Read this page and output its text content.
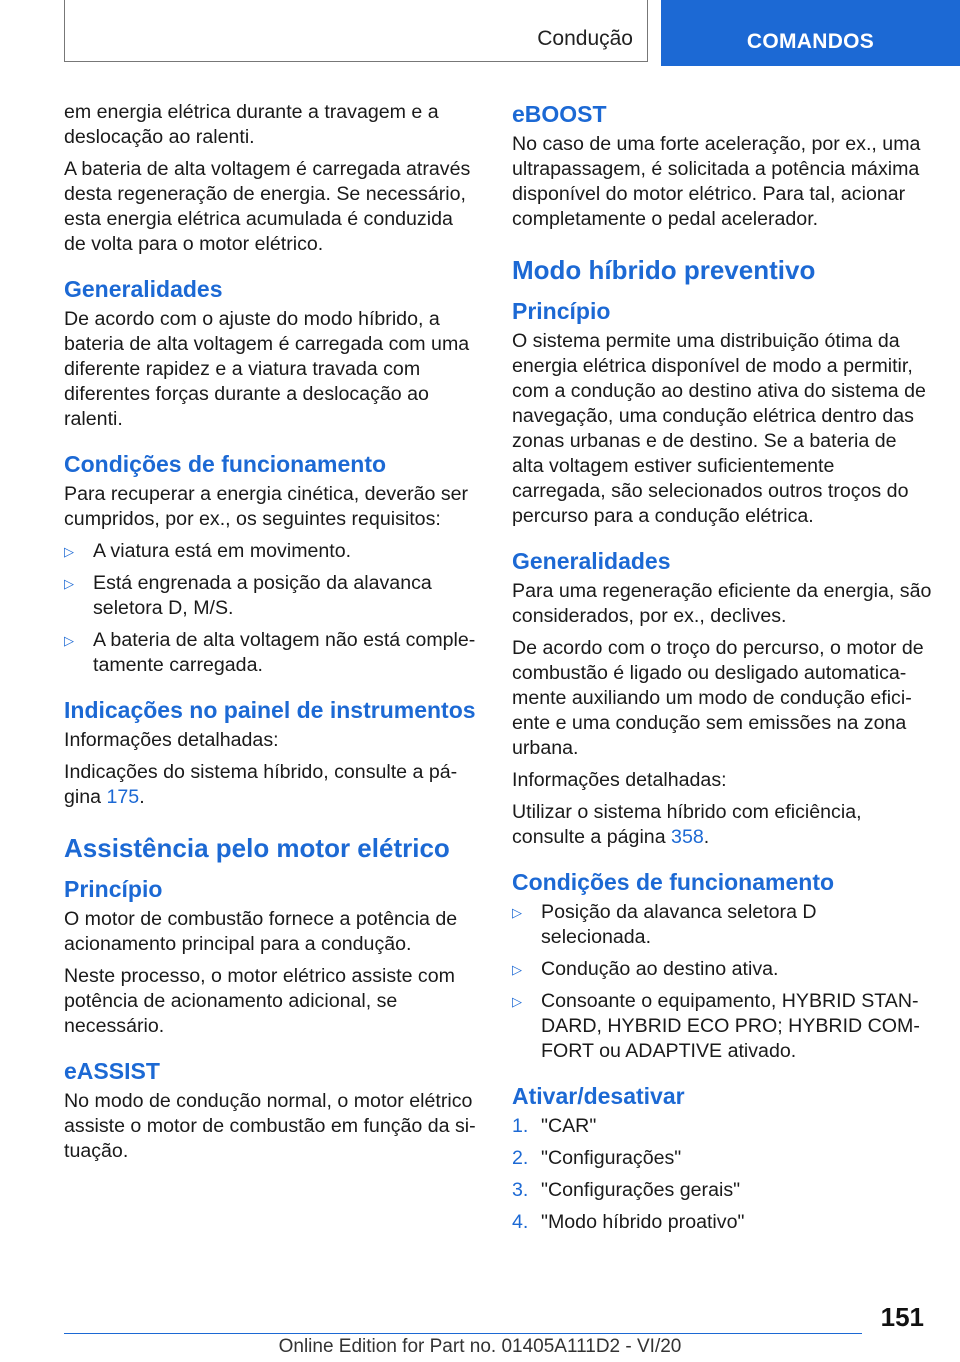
Condução	COMANDOS

em energia elétrica durante a travagem e a deslocação ao ralenti.

A bateria de alta voltagem é carregada através desta regeneração de energia. Se necessário, esta energia elétrica acumulada é conduzida de volta para o motor elétrico.

Generalidades

De acordo com o ajuste do modo híbrido, a bateria de alta voltagem é carregada com uma diferente rapidez e a viatura travada com diferentes forças durante a deslocação ao ralenti.

Condições de funcionamento

Para recuperar a energia cinética, deverão ser cumpridos, por ex., os seguintes requisitos:

▷ A viatura está em movimento.
▷ Está engrenada a posição da alavanca seletora D, M/S.
▷ A bateria de alta voltagem não está completamente carregada.
Indicações no painel de instrumentos

Informações detalhadas:

Indicações do sistema híbrido, consulte a página 175.

Assistência pelo motor elétrico
Princípio

O motor de combustão fornece a potência de acionamento principal para a condução.

Neste processo, o motor elétrico assiste com potência de acionamento adicional, se necessário.

eASSIST

No modo de condução normal, o motor elétrico assiste o motor de combustão em função da situação.

eBOOST

No caso de uma forte aceleração, por ex., uma ultrapassagem, é solicitada a potência máxima disponível do motor elétrico. Para tal, acionar completamente o pedal acelerador.

Modo híbrido preventivo
Princípio

O sistema permite uma distribuição ótima da energia elétrica disponível de modo a permitir, com a condução ao destino ativa do sistema de navegação, uma condução elétrica dentro das zonas urbanas e de destino. Se a bateria de alta voltagem estiver suficientemente carregada, são selecionados outros troços do percurso para a condução elétrica.

Generalidades

Para uma regeneração eficiente da energia, são considerados, por ex., declives.

De acordo com o troço do percurso, o motor de combustão é ligado ou desligado automaticamente auxiliando um modo de condução eficiente e uma condução sem emissões na zona urbana.

Informações detalhadas:

Utilizar o sistema híbrido com eficiência, consulte a página 358.

Condições de funcionamento
▷ Posição da alavanca seletora D selecionada.
▷ Condução ao destino ativa.
▷ Consoante o equipamento, HYBRID STANDARD, HYBRID ECO PRO; HYBRID COMFORT ou ADAPTIVE ativado.
Ativar/desativar
1. "CAR"
2. "Configurações"
3. "Configurações gerais"
4. "Modo híbrido proativo"
151
Online Edition for Part no. 01405A111D2 - VI/20
